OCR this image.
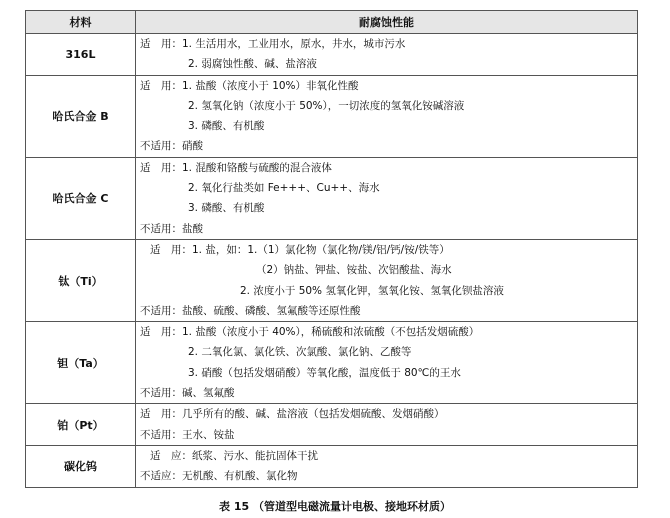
材料	耐腐蚀性能
316L	适　用：1. 生活用水，工业用水，原水，井水，城市污水
2. 弱腐蚀性酸、碱、盐溶液

哈氏合金 B	适　用：1. 盐酸（浓度小于 10%）非氧化性酸
2. 氢氧化钠（浓度小于 50%），一切浓度的氢氧化铵碱溶液
3. 磷酸、有机酸
不适用：硝酸

哈氏合金 C	适　用：1. 混酸和铬酸与硫酸的混合液体
2. 氧化行盐类如 Fe+++、Cu++、海水
3. 磷酸、有机酸
不适用：盐酸

钛（Ti）	适　用：1. 盐，如：1.（1）氯化物（氯化物/镁/铝/钙/铵/铁等）
（2）钠盐、钾盐、铵盐、次铝酸盐、海水
2. 浓度小于 50% 氢氧化钾，氢氧化铵、氢氧化钡盐溶液
不适用：盐酸、硫酸、磷酸、氢氟酸等还原性酸

钽（Ta）	适　用：1. 盐酸（浓度小于 40%），稀硫酸和浓硫酸（不包括发烟硫酸）
2. 二氧化氯、氯化铁、次氯酸、氯化钠、乙酸等
3. 硝酸（包括发烟硝酸）等氧化酸，温度低于 80℃的王水
不适用：碱、氢氟酸

铂（Pt）	适　用：几乎所有的酸、碱、盐溶液（包括发烟硫酸、发烟硝酸）
不适用：王水、铵盐

碳化钨	适　应：纸浆、污水、能抗固体干扰
不适应：无机酸、有机酸、氯化物
表 15 （管道型电磁流量计电极、接地环材质）
